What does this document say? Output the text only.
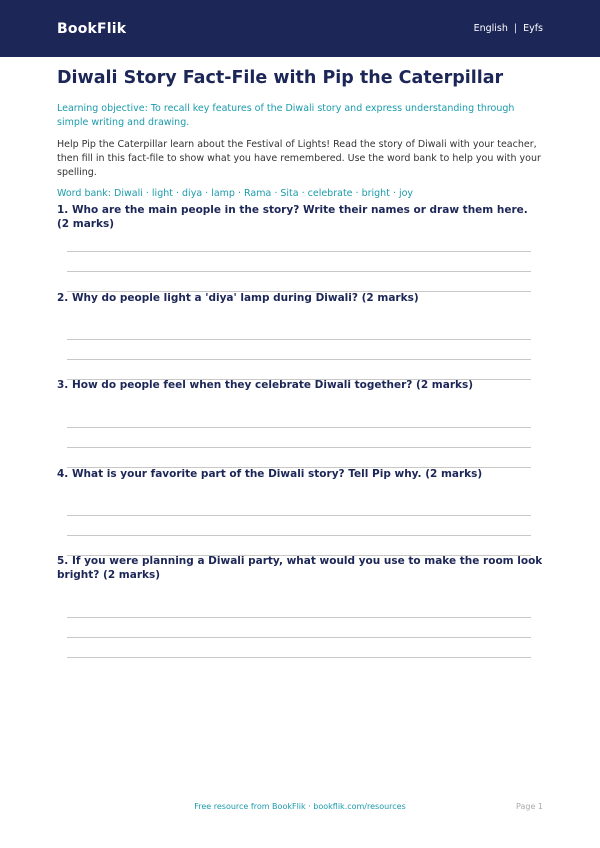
BookFlik	English | Eyfs
Diwali Story Fact-File with Pip the Caterpillar
Learning objective: To recall key features of the Diwali story and express understanding through simple writing and drawing.
Help Pip the Caterpillar learn about the Festival of Lights! Read the story of Diwali with your teacher, then fill in this fact-file to show what you have remembered. Use the word bank to help you with your spelling.
Word bank: Diwali · light · diya · lamp · Rama · Sita · celebrate · bright · joy
1. Who are the main people in the story? Write their names or draw them here. (2 marks)
2. Why do people light a 'diya' lamp during Diwali? (2 marks)
3. How do people feel when they celebrate Diwali together? (2 marks)
4. What is your favorite part of the Diwali story? Tell Pip why. (2 marks)
5. If you were planning a Diwali party, what would you use to make the room look bright? (2 marks)
Free resource from BookFlik · bookflik.com/resources	Page 1
